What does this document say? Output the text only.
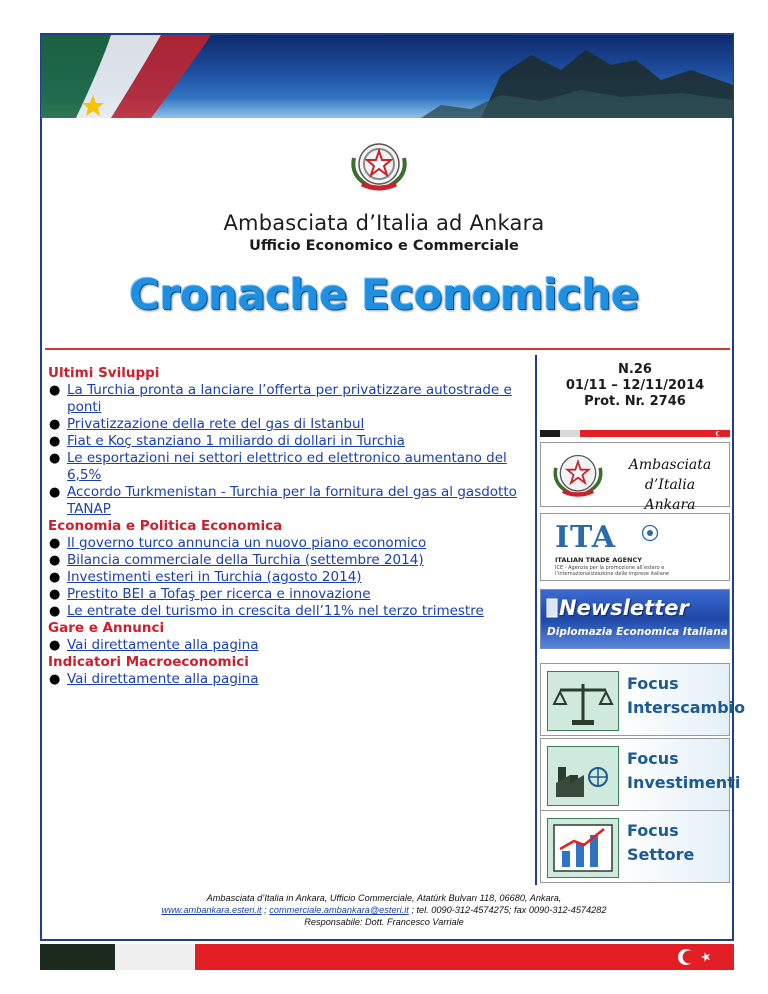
Ambasciata d’Italia ad Ankara
Ufficio Economico e Commerciale
Cronache Economiche
Ultimi Sviluppi
● La Turchia pronta a lanciare l’offerta per privatizzare autostrade e ponti
● Privatizzazione della rete del gas di Istanbul
● Fiat e Koç stanziano 1 miliardo di dollari in Turchia
● Le esportazioni nei settori elettrico ed elettronico aumentano del 6,5%
● Accordo Turkmenistan - Turchia per la fornitura del gas al gasdotto TANAP
Economia e Politica Economica
● Il governo turco annuncia un nuovo piano economico
● Bilancia commerciale della Turchia (settembre 2014)
● Investimenti esteri in Turchia (agosto 2014)
● Prestito BEI a Tofaş per ricerca e innovazione
● Le entrate del turismo in crescita dell’11% nel terzo trimestre
Gare e Annunci
● Vai direttamente alla pagina
Indicatori Macroeconomici
● Vai direttamente alla pagina
N.26
01/11 – 12/11/2014
Prot. Nr. 2746
Ambasciata d’Italia
Ankara
ITA
ITALIAN TRADE AGENCY
ICE - Agenzia per la promozione all’estero e l’internazionalizzazione delle imprese italiane
Newsletter
Diplomazia Economica Italiana
Focus
Interscambio
Focus
Investimenti
Focus
Settore
Ambasciata d’Italia in Ankara, Ufficio Commerciale, Atatürk Bulvarı 118, 06680, Ankara,
www.ambankara.esteri.it ; commerciale.ambankara@esteri.it ; tel. 0090-312-4574275; fax 0090-312-4574282
Responsabile: Dott. Francesco Varriale
